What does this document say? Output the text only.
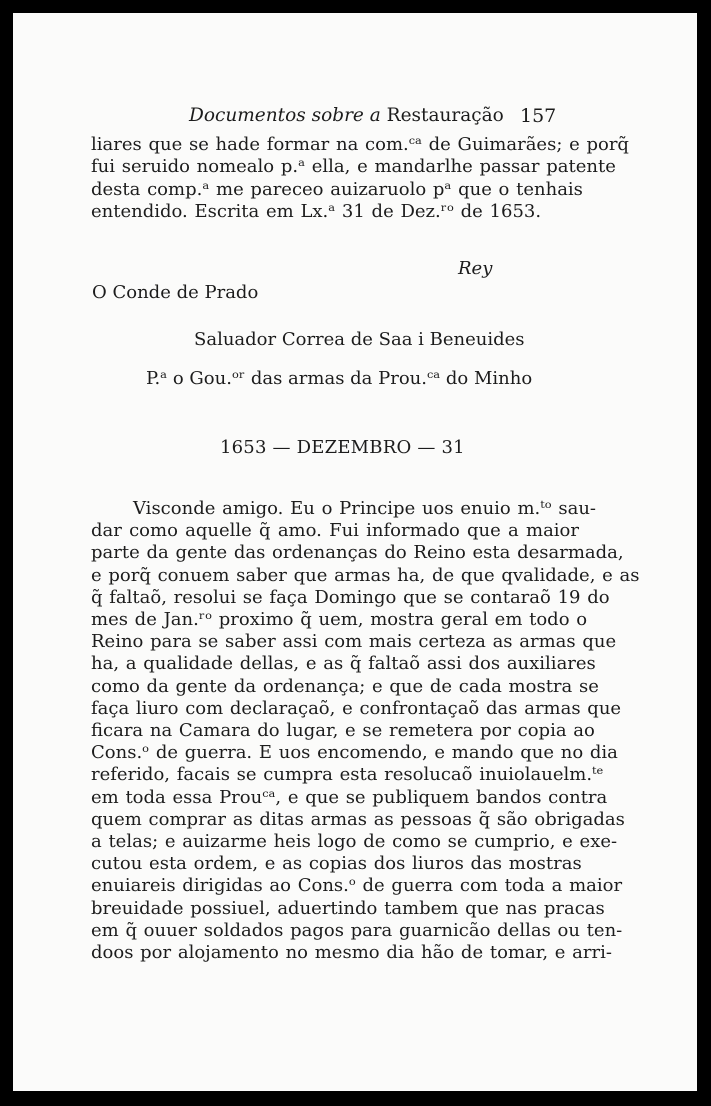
Documentos sobre a Restauração 157
liares que se hade formar na com.ᶜᵃ de Guimarães; e porq̃
fui seruido nomealo p.ᵃ ella, e mandarlhe passar patente
desta comp.ᵃ me pareceo auizaruolo pᵃ que o tenhais
entendido. Escrita em Lx.ᵃ 31 de Dez.ʳᵒ de 1653.
Rey
O Conde de Prado
Saluador Correa de Saa i Beneuides
P.ᵃ o Gou.ᵒʳ das armas da Prou.ᶜᵃ do Minho
1653 — DEZEMBRO — 31
Visconde amigo. Eu o Principe uos enuio m.ᵗᵒ sau-
dar como aquelle q̃ amo. Fui informado que a maior
parte da gente das ordenanças do Reino esta desarmada,
e porq̃ conuem saber que armas ha, de que qvalidade, e as
q̃ faltaõ, resolui se faça Domingo que se contaraõ 19 do
mes de Jan.ʳᵒ proximo q̃ uem, mostra geral em todo o
Reino para se saber assi com mais certeza as armas que
ha, a qualidade dellas, e as q̃ faltaõ assi dos auxiliares
como da gente da ordenança; e que de cada mostra se
faça liuro com declaraçaõ, e confrontaçaõ das armas que
ficara na Camara do lugar, e se remetera por copia ao
Cons.ᵒ de guerra. E uos encomendo, e mando que no dia
referido, facais se cumpra esta resolucaõ inuiolauelm.ᵗᵉ
em toda essa Prouᶜᵃ, e que se publiquem bandos contra
quem comprar as ditas armas as pessoas q̃ são obrigadas
a telas; e auizarme heis logo de como se cumprio, e exe-
cutou esta ordem, e as copias dos liuros das mostras
enuiareis dirigidas ao Cons.ᵒ de guerra com toda a maior
breuidade possiuel, aduertindo tambem que nas pracas
em q̃ ouuer soldados pagos para guarnicão dellas ou ten-
doos por alojamento no mesmo dia hão de tomar, e arri-
